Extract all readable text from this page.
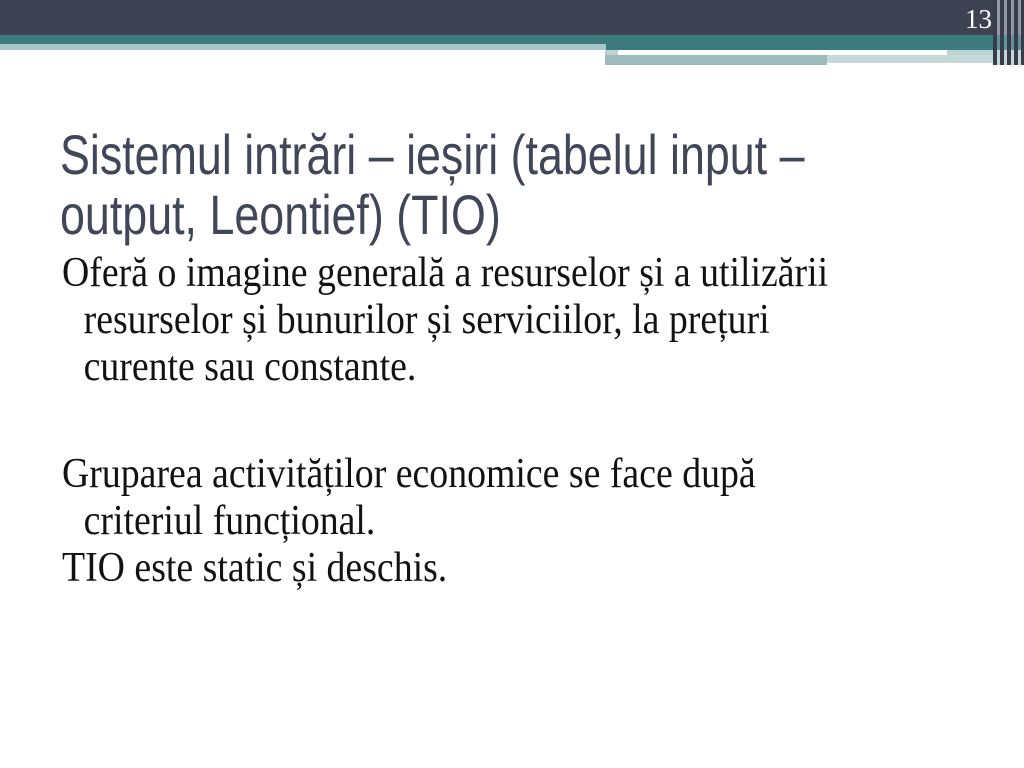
13
Sistemul intrări – ieșiri (tabelul input –
output, Leontief) (TIO)
Oferă o imagine generală a resurselor și a utilizării
resurselor și bunurilor și serviciilor, la prețuri
curente sau constante.
Gruparea activităților economice se face după
criteriul funcțional.
TIO este static și deschis.
